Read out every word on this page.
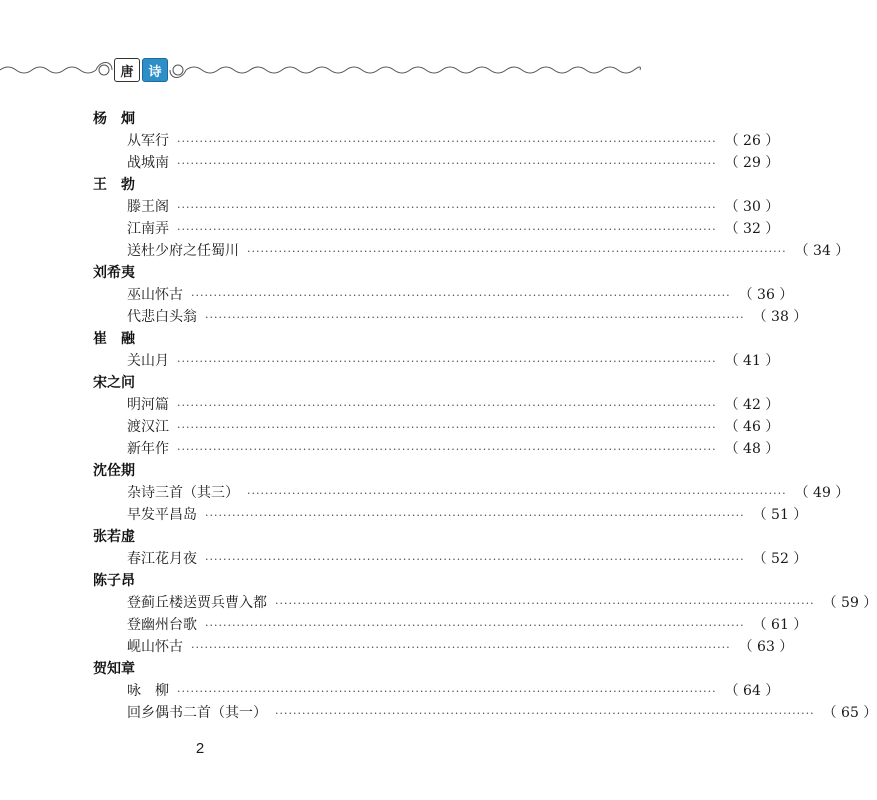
唐	诗
杨　炯
从军行 ························································································································ （ 26 ）
战城南 ························································································································ （ 29 ）
王　勃
滕王阁 ························································································································ （ 30 ）
江南弄 ························································································································ （ 32 ）
送杜少府之任蜀川 ························································································································ （ 34 ）
刘希夷
巫山怀古 ························································································································ （ 36 ）
代悲白头翁 ························································································································ （ 38 ）
崔　融
关山月 ························································································································ （ 41 ）
宋之问
明河篇 ························································································································ （ 42 ）
渡汉江 ························································································································ （ 46 ）
新年作 ························································································································ （ 48 ）
沈佺期
杂诗三首（其三） ························································································································ （ 49 ）
早发平昌岛 ························································································································ （ 51 ）
张若虚
春江花月夜 ························································································································ （ 52 ）
陈子昂
登蓟丘楼送贾兵曹入都 ························································································································ （ 59 ）
登幽州台歌 ························································································································ （ 61 ）
岘山怀古 ························································································································ （ 63 ）
贺知章
咏　柳 ························································································································ （ 64 ）
回乡偶书二首（其一） ························································································································ （ 65 ）
2
